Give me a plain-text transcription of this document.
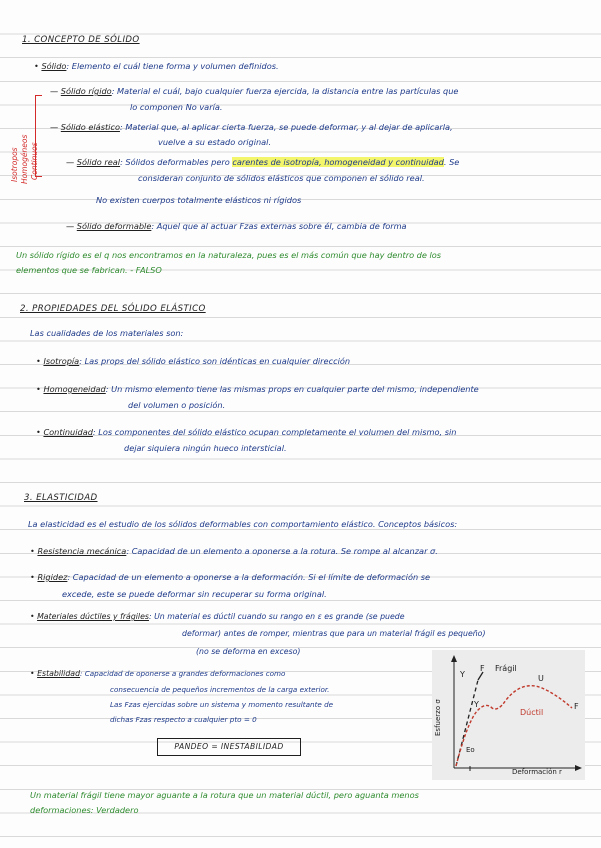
1. CONCEPTO DE SÓLIDO
• Sólido: Elemento el cuál tiene forma y volumen definidos.
Isotropos Homogéneos Continuos
— Sólido rígido: Material el cuál, bajo cualquier fuerza ejercida, la distancia entre las partículas que
lo componen No varía.
— Sólido elástico: Material que, al aplicar cierta fuerza, se puede deformar, y al dejar de aplicarla,
vuelve a su estado original.
— Sólido real: Sólidos deformables pero carentes de isotropía, homogeneidad y continuidad. Se
consideran conjunto de sólidos elásticos que componen el sólido real.
No existen cuerpos totalmente elásticos ni rígidos
— Sólido deformable: Aquel que al actuar Fzas externas sobre él, cambia de forma
Un sólido rígido es el q nos encontramos en la naturaleza, pues es el más común que hay dentro de los
elementos que se fabrican. - FALSO
2. PROPIEDADES DEL SÓLIDO ELÁSTICO
Las cualidades de los materiales son:
• Isotropía: Las props del sólido elástico son idénticas en cualquier dirección
• Homogeneidad: Un mismo elemento tiene las mismas props en cualquier parte del mismo, independiente
del volumen o posición.
• Continuidad: Los componentes del sólido elástico ocupan completamente el volumen del mismo, sin
dejar siquiera ningún hueco intersticial.
3. ELASTICIDAD
La elasticidad es el estudio de los sólidos deformables con comportamiento elástico. Conceptos básicos:
• Resistencia mecánica: Capacidad de un elemento a oponerse a la rotura. Se rompe al alcanzar σ.
• Rigidez: Capacidad de un elemento a oponerse a la deformación. Si el límite de deformación se
excede, este se puede deformar sin recuperar su forma original.
• Materiales dúctiles y frágiles: Un material es dúctil cuando su rango en ε es grande (se puede
deformar) antes de romper, mientras que para un material frágil es pequeño)
(no se deforma en exceso)
• Estabilidad: Capacidad de oponerse a grandes deformaciones como
consecuencia de pequeños incrementos de la carga exterior.
Las Fzas ejercidas sobre un sistema y momento resultante de
dichas Fzas respecto a cualquier pto = 0
PANDEO = INESTABILIDAD
Esfuerzo σ
Deformación r
Frágil
Dúctil
Eo
Y
F
Y
U
F
Un material frágil tiene mayor aguante a la rotura que un material dúctil, pero aguanta menos
deformaciones: Verdadero
